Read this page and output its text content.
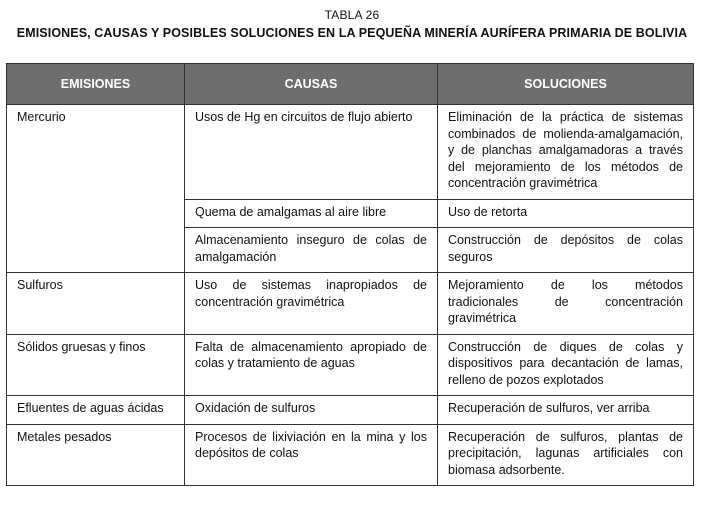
TABLA 26
EMISIONES, CAUSAS Y POSIBLES SOLUCIONES EN LA PEQUEÑA MINERÍA AURÍFERA PRIMARIA DE BOLIVIA
EMISIONES	CAUSAS	SOLUCIONES
Mercurio	Usos de Hg en circuitos de flujo abierto	Eliminación de la práctica de sistemas combinados de molienda-amalgamación, y de planchas amalgamadoras a través del mejoramiento de los métodos de concentración gravimétrica
	Quema de amalgamas al aire libre	Uso de retorta
	Almacenamiento inseguro de colas de amalgamación	Construcción de depósitos de colas seguros
Sulfuros	Uso de sistemas inapropiados de concentración gravimétrica	Mejoramiento de los métodos tradicionales de concentración gravimétrica
Sólidos gruesas y finos	Falta de almacenamiento apropiado de colas y tratamiento de aguas	Construcción de diques de colas y dispositivos para decantación de lamas, relleno de pozos explotados
Efluentes de aguas ácidas	Oxidación de sulfuros	Recuperación de sulfuros, ver arriba
Metales pesados	Procesos de lixiviación en la mina y los depósitos de colas	Recuperación de sulfuros, plantas de precipitación, lagunas artificiales con biomasa adsorbente.
